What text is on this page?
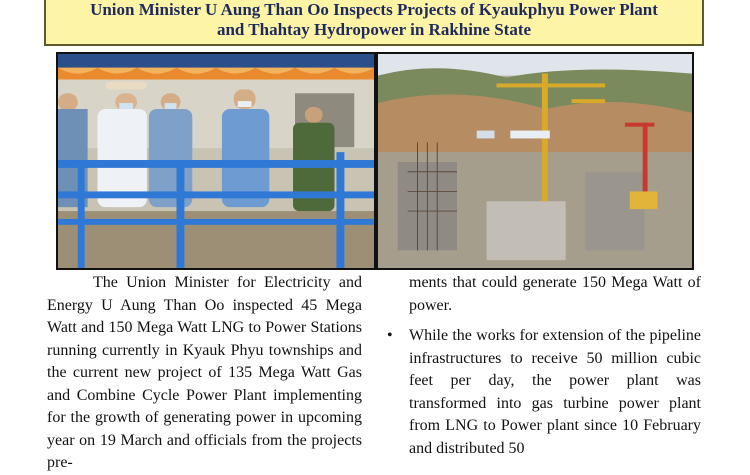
Union Minister U Aung Than Oo Inspects Projects of Kyaukphyu Power Plant
and Thahtay Hydropower in Rakhine State

The Union Minister for Electricity and Energy U Aung Than Oo inspected 45 Mega Watt and 150 Mega Watt LNG to Power Stations running currently in Kyauk Phyu townships and the current new project of 135 Mega Watt Gas and Combine Cycle Power Plant implementing for the growth of generating power in upcoming year on 19 March and officials from the projects pre-

ments that could generate 150 Mega Watt of power.

• While the works for extension of the pipeline infrastructures to receive 50 million cubic feet per day, the power plant was transformed into gas turbine power plant from LNG to Power plant since 10 February and distributed 50
